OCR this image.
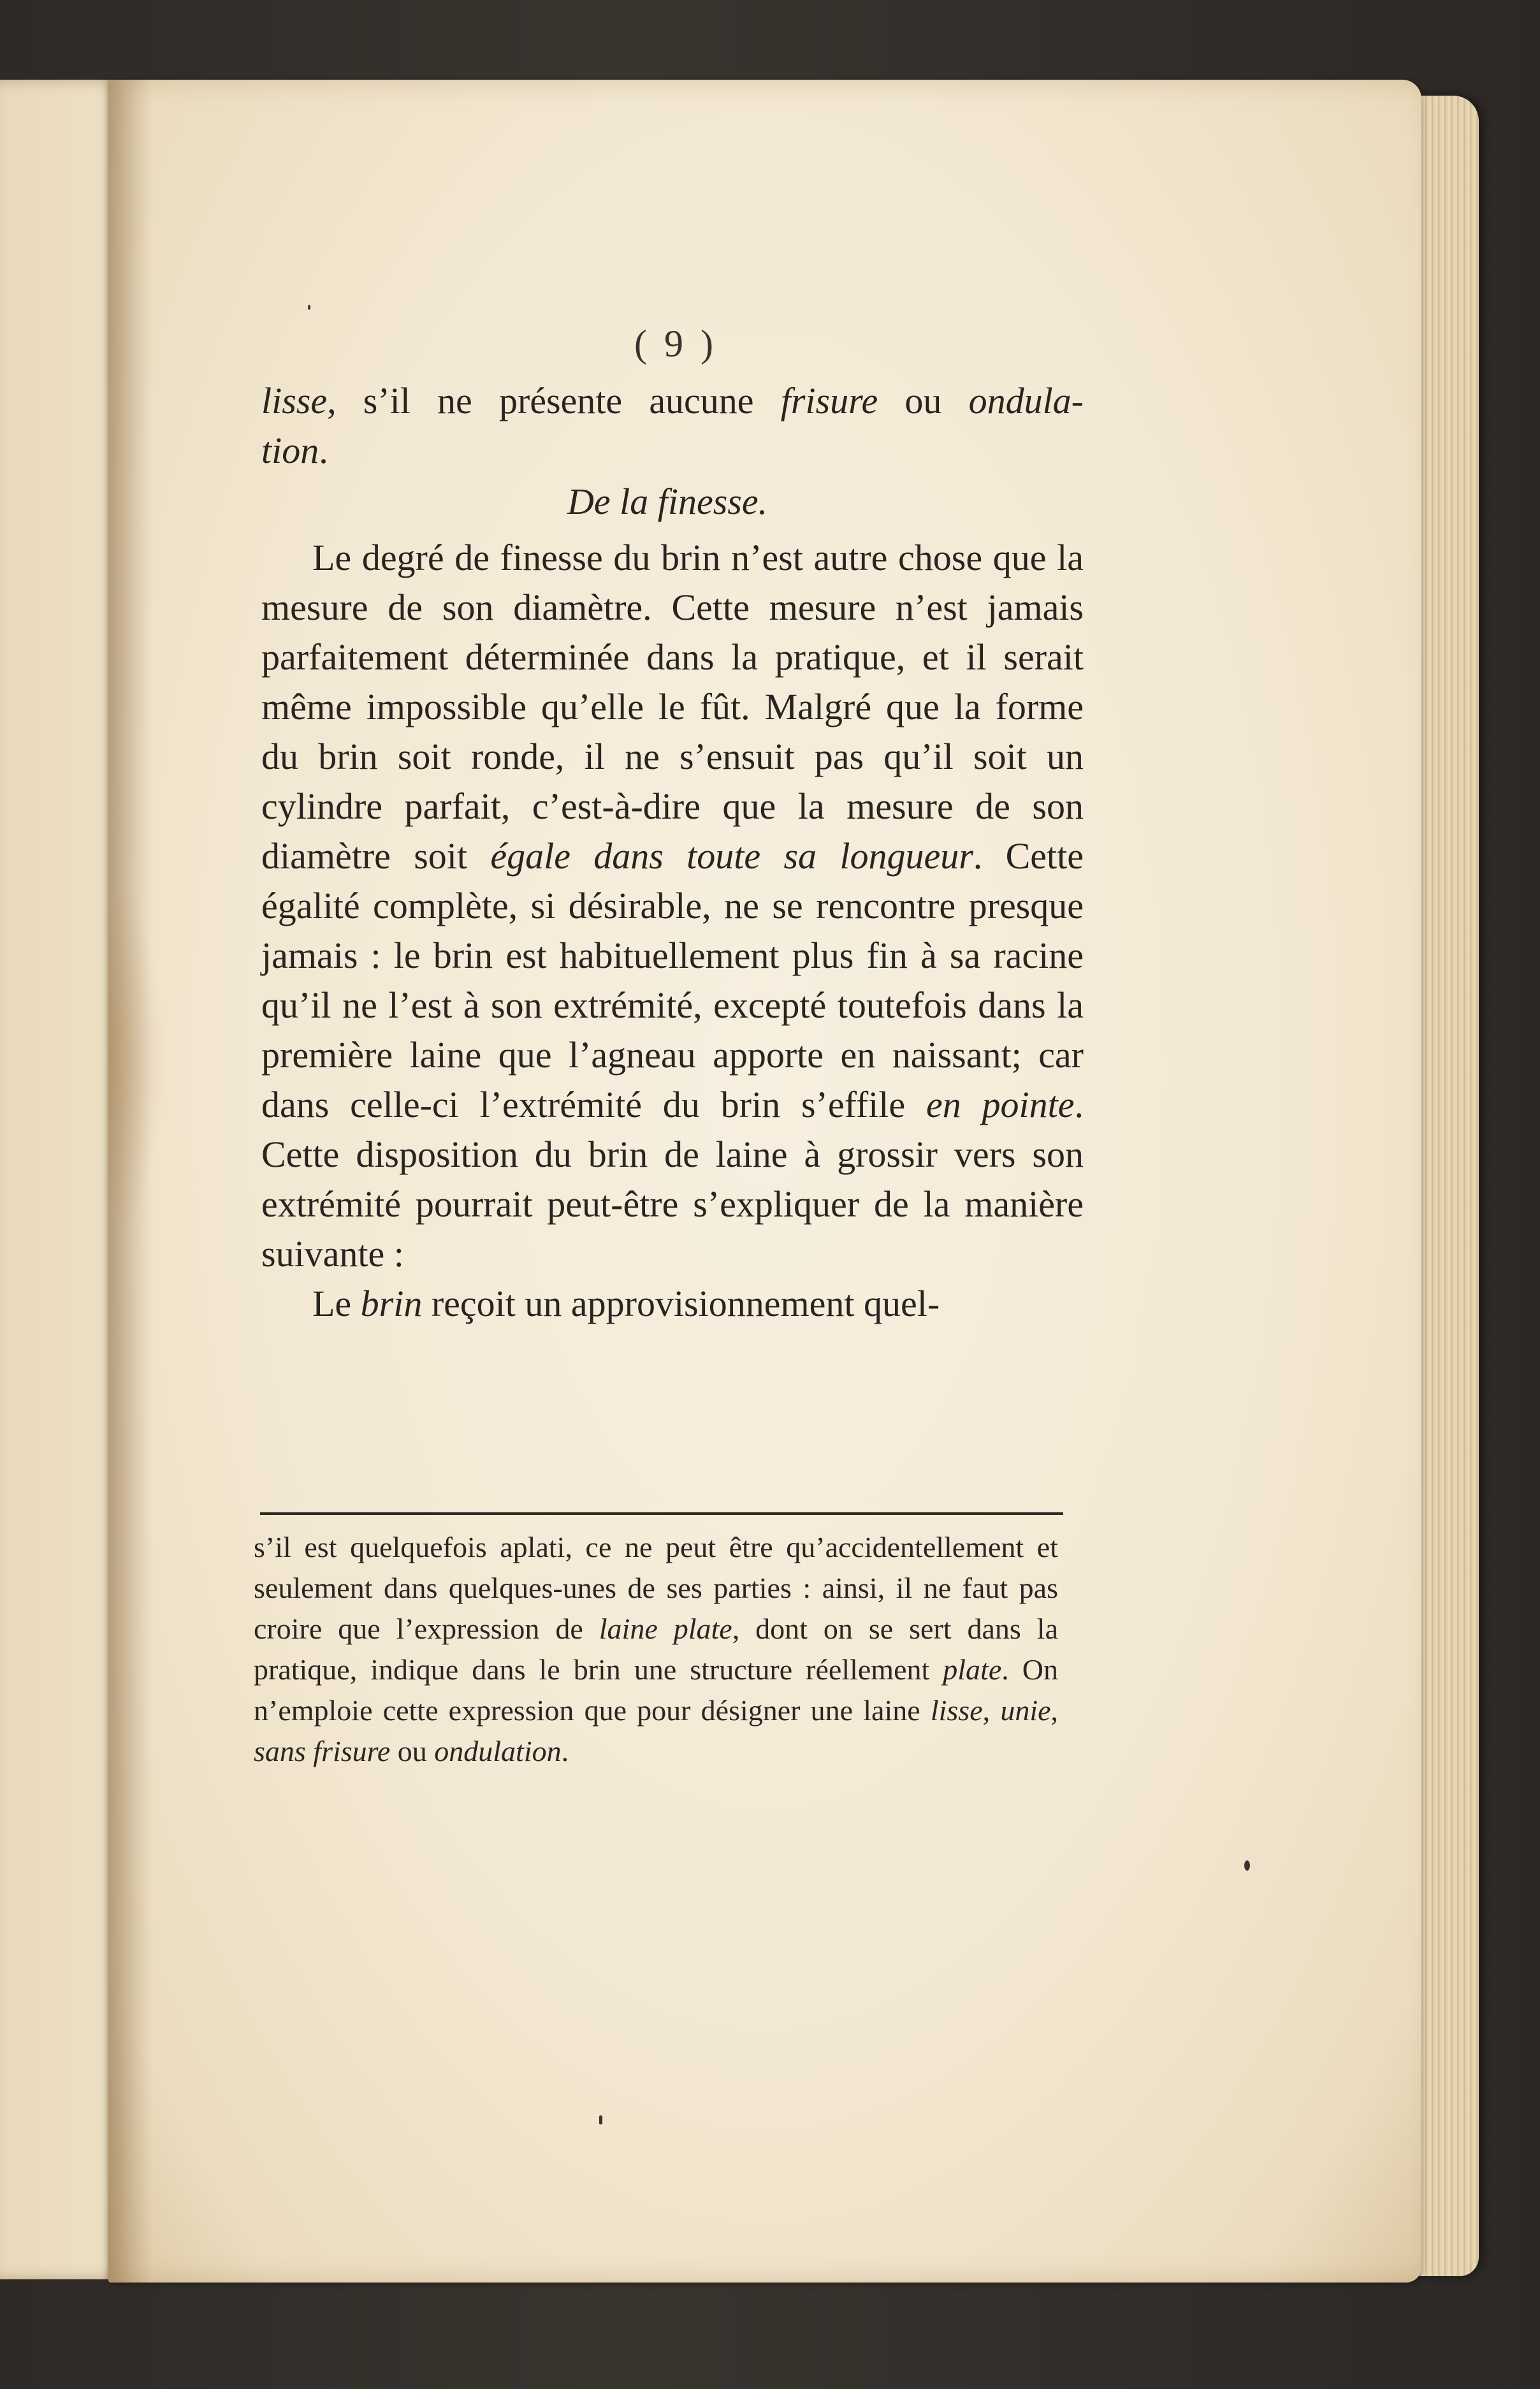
( 9 )

lisse, s’il ne présente aucune frisure ou ondula-

tion.

De la finesse.

Le degré de finesse du brin n’est autre chose que la mesure de son diamètre. Cette mesure n’est jamais parfaitement déterminée dans la pratique, et il serait même impossible qu’elle le fût. Malgré que la forme du brin soit ronde, il ne s’ensuit pas qu’il soit un cylindre parfait, c’est-à-dire que la mesure de son diamètre soit égale dans toute sa longueur. Cette égalité complète, si désirable, ne se rencontre presque jamais : le brin est habituellement plus fin à sa racine qu’il ne l’est à son extrémité, excepté toutefois dans la première laine que l’agneau apporte en naissant; car dans celle-ci l’extrémité du brin s’effile en pointe. Cette disposition du brin de laine à grossir vers son extrémité pourrait peut-être s’expliquer de la manière suivante :

Le brin reçoit un approvisionnement quel-

s’il est quelquefois aplati, ce ne peut être qu’accidentellement et seulement dans quelques-unes de ses parties : ainsi, il ne faut pas croire que l’expression de laine plate, dont on se sert dans la pratique, indique dans le brin une structure réellement plate. On n’emploie cette expression que pour désigner une laine lisse, unie, sans frisure ou ondulation.
